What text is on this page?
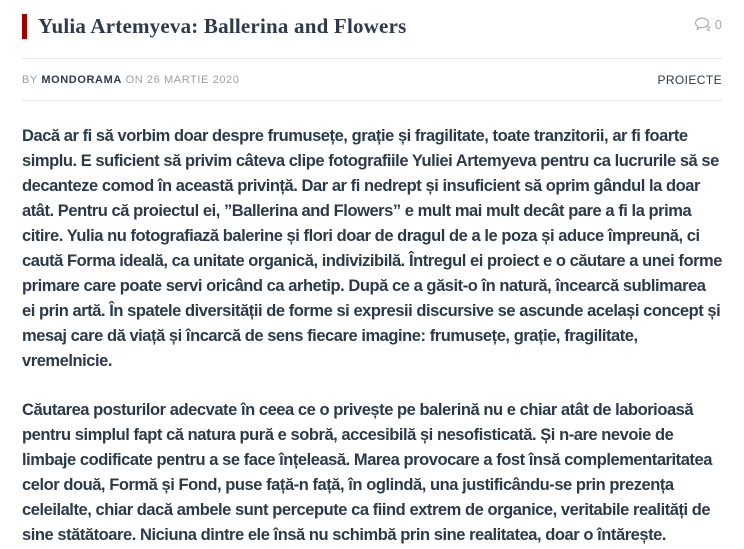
Yulia Artemyeva: Ballerina and Flowers	0
BY MONDORAMA ON 26 MARTIE 2020	PROIECTE

Dacă ar fi să vorbim doar despre frumusețe, grație și fragilitate, toate tranzitorii, ar fi foarte simplu. E suficient să privim câteva clipe fotografiile Yuliei Artemyeva pentru ca lucrurile să se decanteze comod în această privință. Dar ar fi nedrept și insuficient să oprim gândul la doar atât. Pentru că proiectul ei, ”Ballerina and Flowers” e mult mai mult decât pare a fi la prima citire. Yulia nu fotografiază balerine și flori doar de dragul de a le poza și aduce împreună, ci caută Forma ideală, ca unitate organică, indivizibilă. Întregul ei proiect e o căutare a unei forme primare care poate servi oricând ca arhetip. După ce a găsit-o în natură, încearcă sublimarea ei prin artă. În spatele diversității de forme si expresii discursive se ascunde același concept și mesaj care dă viață și încarcă de sens fiecare imagine: frumusețe, grație, fragilitate, vremelnicie.

Căutarea posturilor adecvate în ceea ce o privește pe balerină nu e chiar atât de laborioasă pentru simplul fapt că natura pură e sobră, accesibilă și nesofisticată. Și n-are nevoie de limbaje codificate pentru a se face înțeleasă. Marea provocare a fost însă complementaritatea celor două, Formă și Fond, puse față-n față, în oglindă, una justificându-se prin prezența celeilalte, chiar dacă ambele sunt percepute ca fiind extrem de organice, veritabile realități de sine stătătoare. Niciuna dintre ele însă nu schimbă prin sine realitatea, doar o întărește.
